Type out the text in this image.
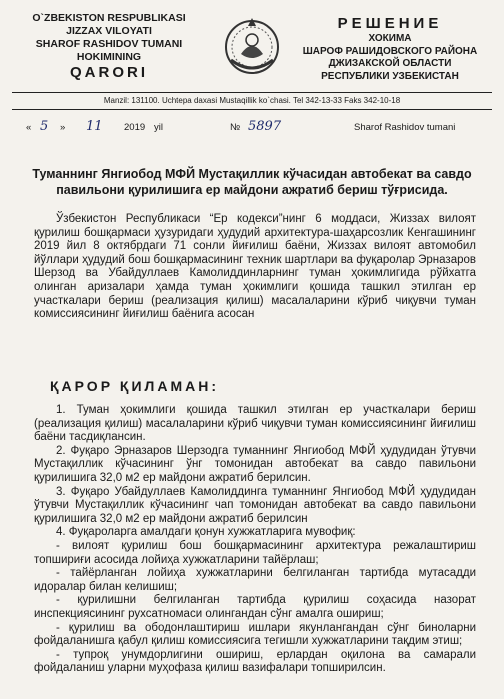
O`ZBEKISTON RESPUBLIKASI
JIZZAX VILOYATI
SHAROF RASHIDOV TUMANI
HOKIMINING
QARORI
РЕШЕНИЕ
ХОКИМА
ШАРОФ РАШИДОВСКОГО РАЙОНА
ДЖИЗАКСКОЙ ОБЛАСТИ
РЕСПУБЛИКИ УЗБЕКИСТАН
Manzil: 131100. Uchtepa daxasi Mustaqillik ko`chasi. Tel 342-13-33 Faks 342-10-18
« 5 » 11 2019 yil	№ 5897	Sharof Rashidov tumani
Туманнинг Янгиобод МФЙ Мустақиллик кўчасидан автобекат ва савдо павильони қурилишига ер майдони ажратиб бериш тўғрисида.

Ўзбекистон Республикаси “Ер кодекси”нинг 6 моддаси, Жиззах вилоят қурилиш бошқармаси ҳузуридаги ҳудудий архитектура-шаҳарсозлик Кенгашининг 2019 йил 8 октябрдаги 71 сонли йиғилиш баёни, Жиззах вилоят автомобил йўллари ҳудудий бош бошқармасининг техник шартлари ва фуқаролар Эрназаров Шерзод ва Убайдуллаев Камолиддинларнинг туман ҳокимлигида рўйхатга олинган аризалари ҳамда туман ҳокимлиги қошида ташкил этилган ер участкалари бериш (реализация қилиш) масалаларини кўриб чиқувчи туман комиссиясининг йиғилиш баёнига асосан

ҚАРОР ҚИЛАМАН:

1. Туман ҳокимлиги қошида ташкил этилган ер участкалари бериш (реализация қилиш) масалаларини кўриб чиқувчи туман комиссиясининг йиғилиш баёни тасдиқлансин.

2. Фуқаро Эрназаров Шерзодга туманнинг Янгиобод МФЙ ҳудудидан ўтувчи Мустақиллик кўчасининг ўнг томонидан автобекат ва савдо павильони қурилишига 32,0 м2 ер майдони ажратиб берилсин.

3. Фуқаро Убайдуллаев Камолиддинга туманнинг Янгиобод МФЙ ҳудудидан ўтувчи Мустақиллик кўчасининг чап томонидан автобекат ва савдо павильони қурилишига 32,0 м2 ер майдони ажратиб берилсин

4. Фуқароларга амалдаги қонун хужжатларига мувофиқ:

- вилоят қурилиш бош бошқармасининг архитектура режалаштириш топшириғи асосида лойиҳа хужжатларини тайёрлаш;

- тайёрланган лойиҳа хужжатларини белгиланган тартибда мутасадди идоралар билан келишиш;

- қурилишни белгиланган тартибда қурилиш соҳасида назорат инспекциясининг рухсатномаси олингандан сўнг амалга ошириш;

- қурилиш ва ободонлаштириш ишлари якунлангандан сўнг биноларни фойдаланишга қабул қилиш комиссиясига тегишли хужжатларини тақдим этиш;

- тупроқ унумдорлигини ошириш, ерлардан оқилона ва самарали фойдаланиш уларни муҳофаза қилиш вазифалари топширилсин.
